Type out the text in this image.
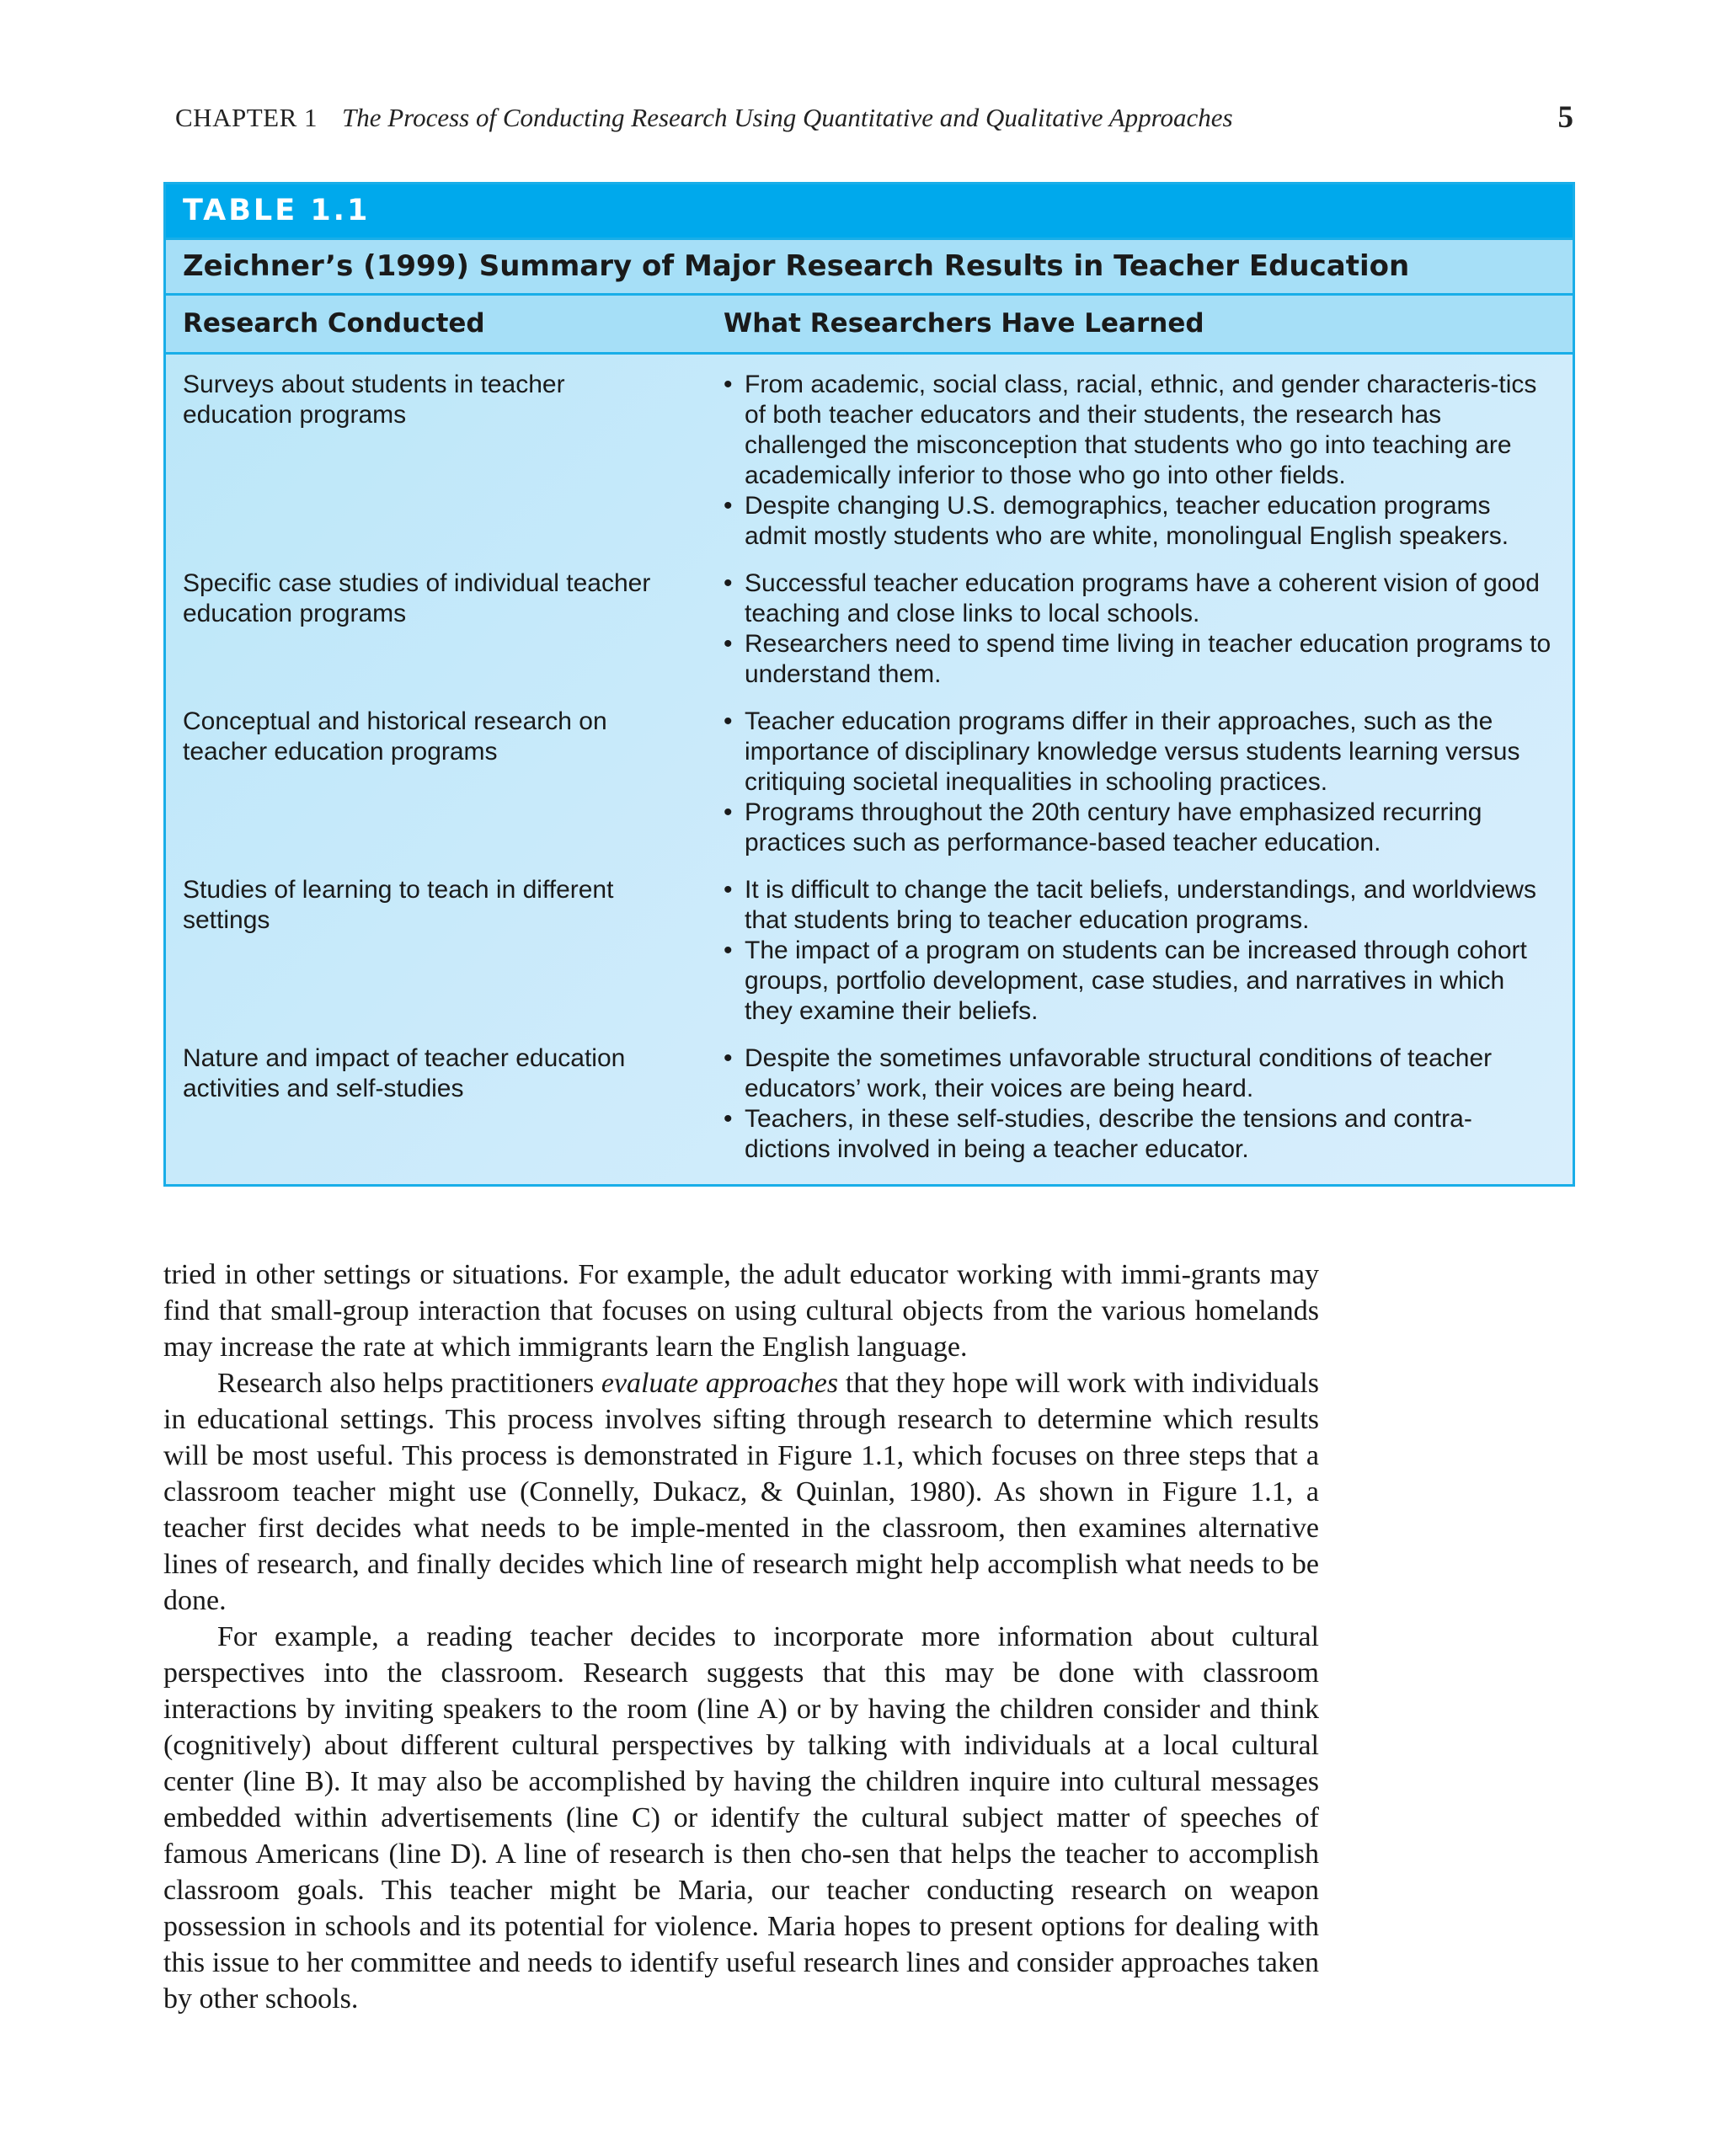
CHAPTER 1 The Process of Conducting Research Using Quantitative and Qualitative Approaches	5
TABLE 1.1
Zeichner’s (1999) Summary of Major Research Results in Teacher Education
Research Conducted	What Researchers Have Learned
Surveys about students in teacher education programs
• From academic, social class, racial, ethnic, and gender characteris-tics of both teacher educators and their students, the research has challenged the misconception that students who go into teaching are academically inferior to those who go into other fields.
• Despite changing U.S. demographics, teacher education programs admit mostly students who are white, monolingual English speakers.
Specific case studies of individual teacher education programs
• Successful teacher education programs have a coherent vision of good teaching and close links to local schools.
• Researchers need to spend time living in teacher education programs to understand them.
Conceptual and historical research on teacher education programs
• Teacher education programs differ in their approaches, such as the importance of disciplinary knowledge versus students learning versus critiquing societal inequalities in schooling practices.
• Programs throughout the 20th century have emphasized recurring practices such as performance-based teacher education.
Studies of learning to teach in different settings
• It is difficult to change the tacit beliefs, understandings, and worldviews that students bring to teacher education programs.
• The impact of a program on students can be increased through cohort groups, portfolio development, case studies, and narratives in which they examine their beliefs.
Nature and impact of teacher education activities and self-studies
• Despite the sometimes unfavorable structural conditions of teacher educators’ work, their voices are being heard.
• Teachers, in these self-studies, describe the tensions and contra-dictions involved in being a teacher educator.

tried in other settings or situations. For example, the adult educator working with immi-grants may find that small-group interaction that focuses on using cultural objects from the various homelands may increase the rate at which immigrants learn the English language.

Research also helps practitioners evaluate approaches that they hope will work with individuals in educational settings. This process involves sifting through research to determine which results will be most useful. This process is demonstrated in Figure 1.1, which focuses on three steps that a classroom teacher might use (Connelly, Dukacz, & Quinlan, 1980). As shown in Figure 1.1, a teacher first decides what needs to be imple-mented in the classroom, then examines alternative lines of research, and finally decides which line of research might help accomplish what needs to be done.

For example, a reading teacher decides to incorporate more information about cultural perspectives into the classroom. Research suggests that this may be done with classroom interactions by inviting speakers to the room (line A) or by having the children consider and think (cognitively) about different cultural perspectives by talking with individuals at a local cultural center (line B). It may also be accomplished by having the children inquire into cultural messages embedded within advertisements (line C) or identify the cultural subject matter of speeches of famous Americans (line D). A line of research is then cho-sen that helps the teacher to accomplish classroom goals. This teacher might be Maria, our teacher conducting research on weapon possession in schools and its potential for violence. Maria hopes to present options for dealing with this issue to her committee and needs to identify useful research lines and consider approaches taken by other schools.
